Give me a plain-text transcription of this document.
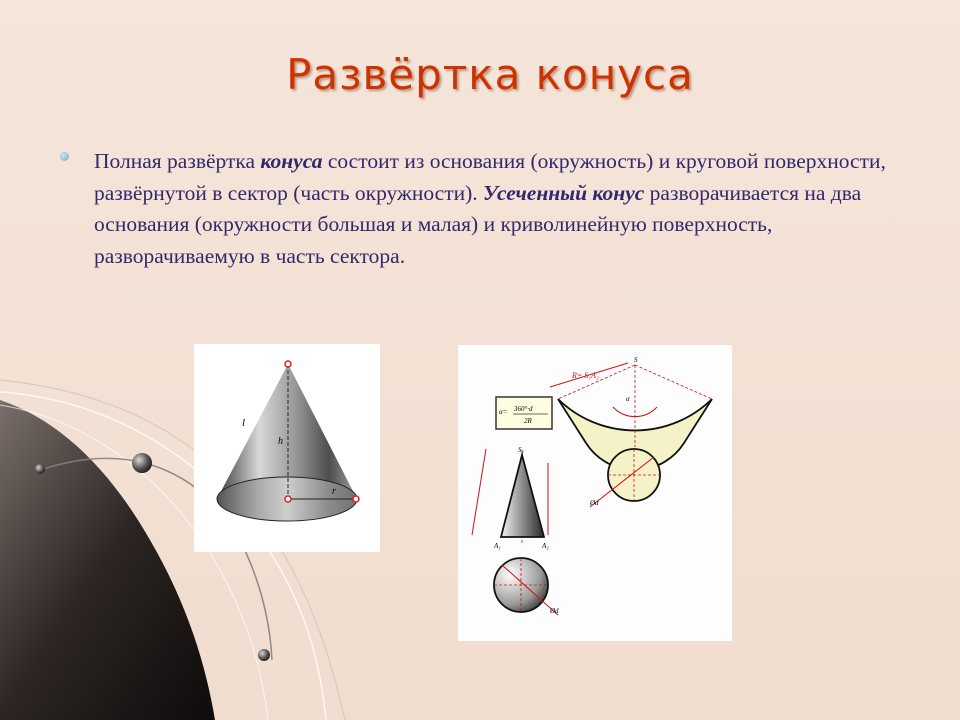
Развёртка конуса
Полная развёртка конуса состоит из основания (окружность) и круговой поверхности, развёрнутой в сектор (часть окружности). Усеченный конус разворачивается на два основания (окружности большая и малая) и криволинейную поверхность, разворачиваемую в часть сектора.
l
h
r
α= 360°·d
2R
R= S₁A₂
S
α
Ød
S₁
A₁	A₂
Ød
